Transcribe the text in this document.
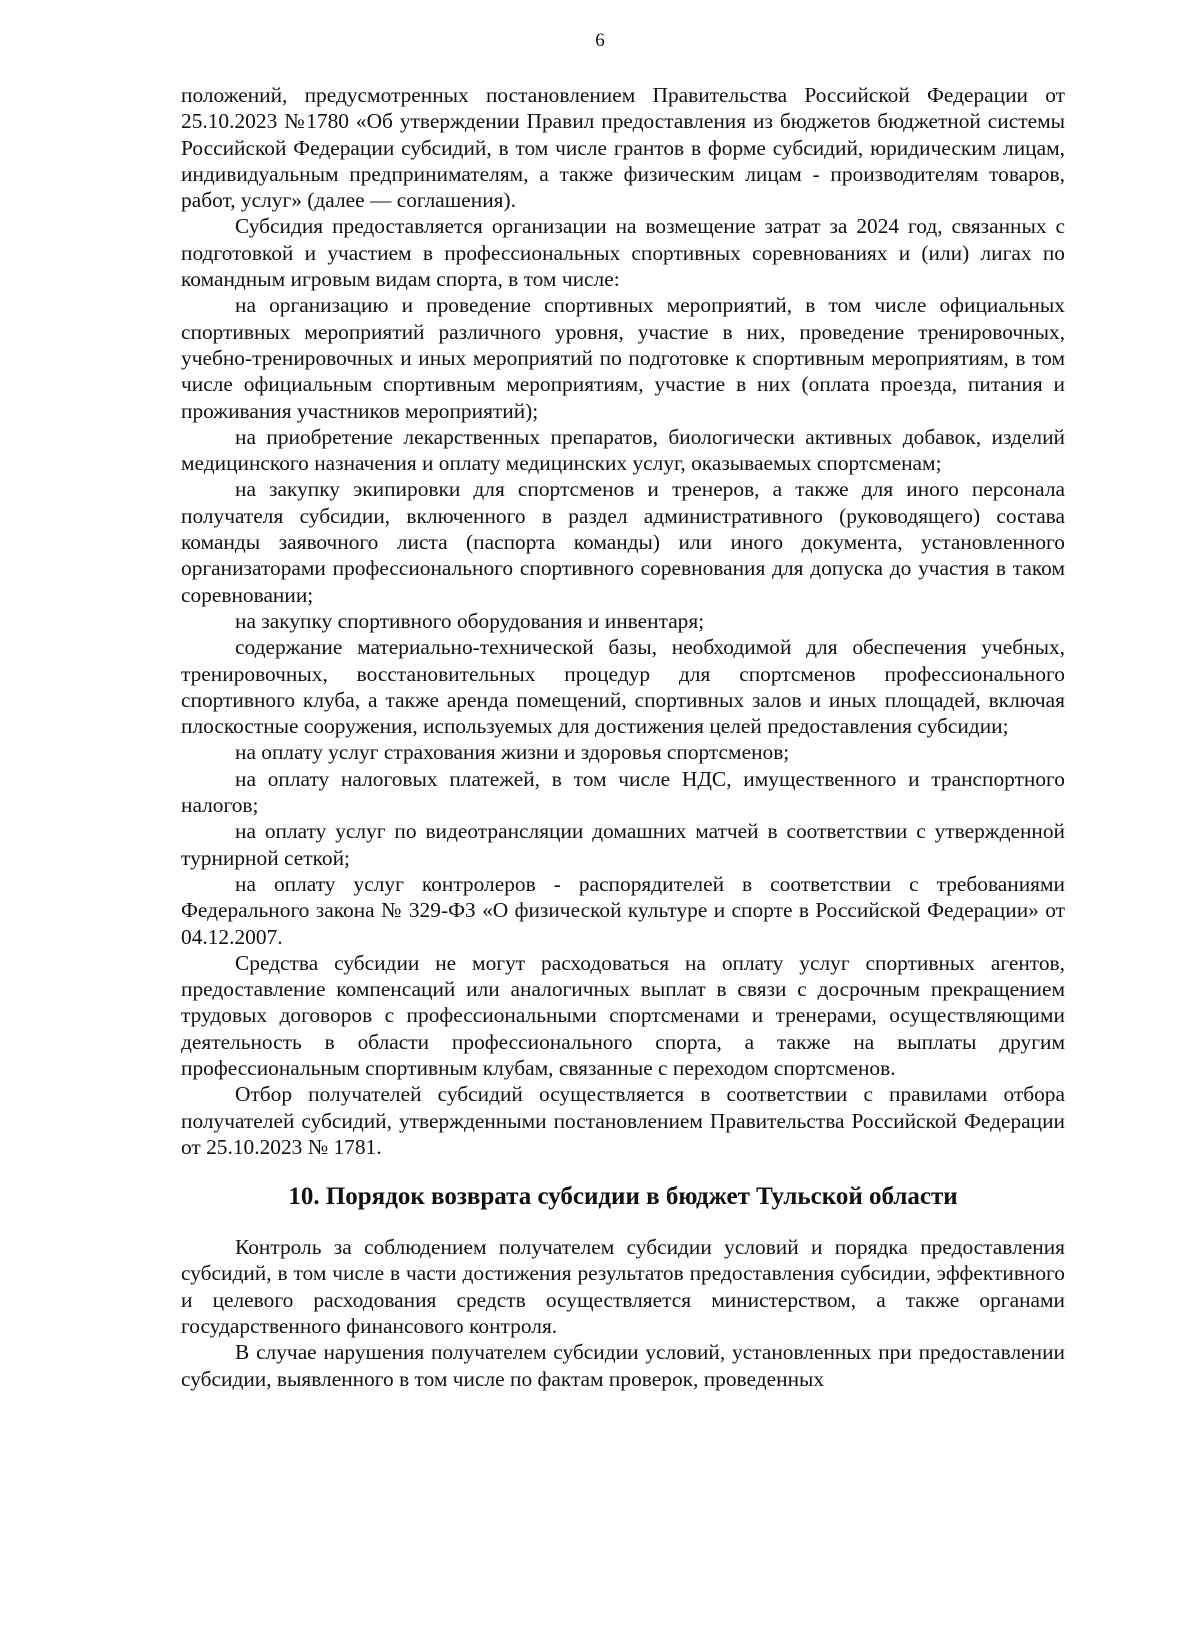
6

положений, предусмотренных постановлением Правительства Российской Федерации от 25.10.2023 №1780 «Об утверждении Правил предоставления из бюджетов бюджетной системы Российской Федерации субсидий, в том числе грантов в форме субсидий, юридическим лицам, индивидуальным предпринимателям, а также физическим лицам - производителям товаров, работ, услуг» (далее — соглашения).

Субсидия предоставляется организации на возмещение затрат за 2024 год, связанных с подготовкой и участием в профессиональных спортивных соревнованиях и (или) лигах по командным игровым видам спорта, в том числе:

на организацию и проведение спортивных мероприятий, в том числе официальных спортивных мероприятий различного уровня, участие в них, проведение тренировочных, учебно-тренировочных и иных мероприятий по подготовке к спортивным мероприятиям, в том числе официальным спортивным мероприятиям, участие в них (оплата проезда, питания и проживания участников мероприятий);

на приобретение лекарственных препаратов, биологически активных добавок, изделий медицинского назначения и оплату медицинских услуг, оказываемых спортсменам;

на закупку экипировки для спортсменов и тренеров, а также для иного персонала получателя субсидии, включенного в раздел административного (руководящего) состава команды заявочного листа (паспорта команды) или иного документа, установленного организаторами профессионального спортивного соревнования для допуска до участия в таком соревновании;

на закупку спортивного оборудования и инвентаря;

содержание материально-технической базы, необходимой для обеспечения учебных, тренировочных, восстановительных процедур для спортсменов профессионального спортивного клуба, а также аренда помещений, спортивных залов и иных площадей, включая плоскостные сооружения, используемых для достижения целей предоставления субсидии;

на оплату услуг страхования жизни и здоровья спортсменов;

на оплату налоговых платежей, в том числе НДС, имущественного и транспортного налогов;

на оплату услуг по видеотрансляции домашних матчей в соответствии с утвержденной турнирной сеткой;

на оплату услуг контролеров - распорядителей в соответствии с требованиями Федерального закона № 329-ФЗ «О физической культуре и спорте в Российской Федерации» от 04.12.2007.

Средства субсидии не могут расходоваться на оплату услуг спортивных агентов, предоставление компенсаций или аналогичных выплат в связи с досрочным прекращением трудовых договоров с профессиональными спортсменами и тренерами, осуществляющими деятельность в области профессионального спорта, а также на выплаты другим профессиональным спортивным клубам, связанные с переходом спортсменов.

Отбор получателей субсидий осуществляется в соответствии с правилами отбора получателей субсидий, утвержденными постановлением Правительства Российской Федерации от 25.10.2023 № 1781.

10. Порядок возврата субсидии в бюджет Тульской области

Контроль за соблюдением получателем субсидии условий и порядка предоставления субсидий, в том числе в части достижения результатов предоставления субсидии, эффективного и целевого расходования средств осуществляется министерством, а также органами государственного финансового контроля.

В случае нарушения получателем субсидии условий, установленных при предоставлении субсидии, выявленного в том числе по фактам проверок, проведенных
